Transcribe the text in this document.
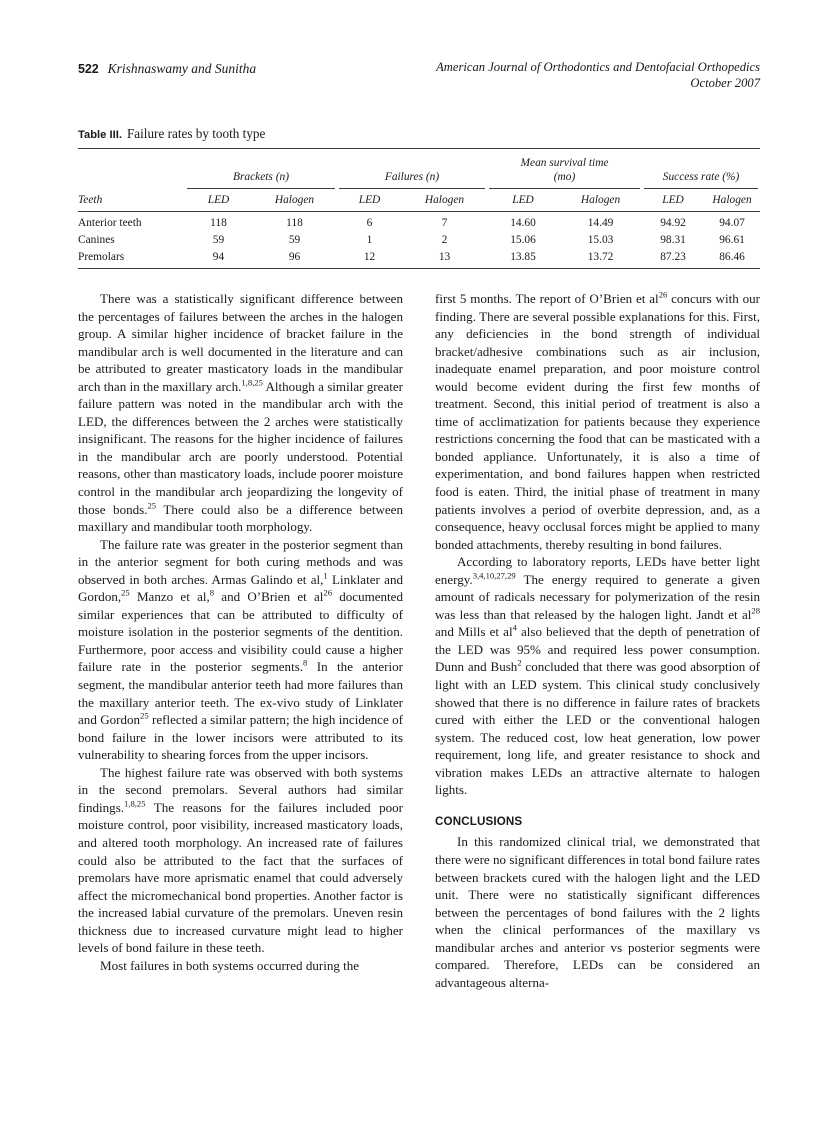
522 Krishnaswamy and Sunitha	American Journal of Orthodontics and Dentofacial Orthopedics
October 2007
Table III. Failure rates by tooth type
	Brackets (n)		Failures (n)		Mean survival time
(mo)		Success rate (%)	

Teeth	LED	Halogen	LED	Halogen	LED	Halogen	LED	Halogen
Anterior teeth	118	118	6	7	14.60	14.49	94.92	94.07
Canines	59	59	1	2	15.06	15.03	98.31	96.61
Premolars	94	96	12	13	13.85	13.72	87.23	86.46

There was a statistically significant difference between the percentages of failures between the arches in the halogen group. A similar higher incidence of bracket failure in the mandibular arch is well documented in the literature and can be attributed to greater masticatory loads in the mandibular arch than in the maxillary arch.$^{1,8,25}$ Although a similar greater failure pattern was noted in the mandibular arch with the LED, the differences between the 2 arches were statistically insignificant. The reasons for the higher incidence of failures in the mandibular arch are poorly understood. Potential reasons, other than masticatory loads, include poorer moisture control in the mandibular arch jeopardizing the longevity of those bonds.$^{25}$ There could also be a difference between maxillary and mandibular tooth morphology.

The failure rate was greater in the posterior segment than in the anterior segment for both curing methods and was observed in both arches. Armas Galindo et al,$^1$ Linklater and Gordon,$^{25}$ Manzo et al,$^8$ and O’Brien et $al^{26}$ documented similar experiences that can be attributed to difficulty of moisture isolation in the posterior segments of the dentition. Furthermore, poor access and visibility could cause a higher failure rate in the posterior segments.$^8$ In the anterior segment, the mandibular anterior teeth had more failures than the maxillary anterior teeth. The ex-vivo study of Linklater and Gordon$^{25}$ reflected a similar pattern; the high incidence of bond failure in the lower incisors were attributed to its vulnerability to shearing forces from the upper incisors.

The highest failure rate was observed with both systems in the second premolars. Several authors had similar findings.$^{1,8,25}$ The reasons for the failures included poor moisture control, poor visibility, increased masticatory loads, and altered tooth morphology. An increased rate of failures could also be attributed to the fact that the surfaces of premolars have more aprismatic enamel that could adversely affect the micromechanical bond properties. Another factor is the increased labial curvature of the premolars. Uneven resin thickness due to increased curvature might lead to higher levels of bond failure in these teeth.

Most failures in both systems occurred during the

first 5 months. The report of O’Brien et $al^{26}$ concurs with our finding. There are several possible explanations for this. First, any deficiencies in the bond strength of individual bracket/adhesive combinations such as air inclusion, inadequate enamel preparation, and poor moisture control would become evident during the first few months of treatment. Second, this initial period of treatment is also a time of acclimatization for patients because they experience restrictions concerning the food that can be masticated with a bonded appliance. Unfortunately, it is also a time of experimentation, and bond failures happen when restricted food is eaten. Third, the initial phase of treatment in many patients involves a period of overbite depression, and, as a consequence, heavy occlusal forces might be applied to many bonded attachments, thereby resulting in bond failures.

According to laboratory reports, LEDs have better light energy.$^{3,4,10,27,29}$ The energy required to generate a given amount of radicals necessary for polymerization of the resin was less than that released by the halogen light. Jandt et $al^{28}$ and Mills et $al^4$ also believed that the depth of penetration of the LED was 95% and required less power consumption. Dunn and Bush$^2$ concluded that there was good absorption of light with an LED system. This clinical study conclusively showed that there is no difference in failure rates of brackets cured with either the LED or the conventional halogen system. The reduced cost, low heat generation, low power requirement, long life, and greater resistance to shock and vibration makes LEDs an attractive alternate to halogen lights.

CONCLUSIONS

In this randomized clinical trial, we demonstrated that there were no significant differences in total bond failure rates between brackets cured with the halogen light and the LED unit. There were no statistically significant differences between the percentages of bond failures with the 2 lights when the clinical performances of the maxillary vs mandibular arches and anterior vs posterior segments were compared. Therefore, LEDs can be considered an advantageous alterna-
